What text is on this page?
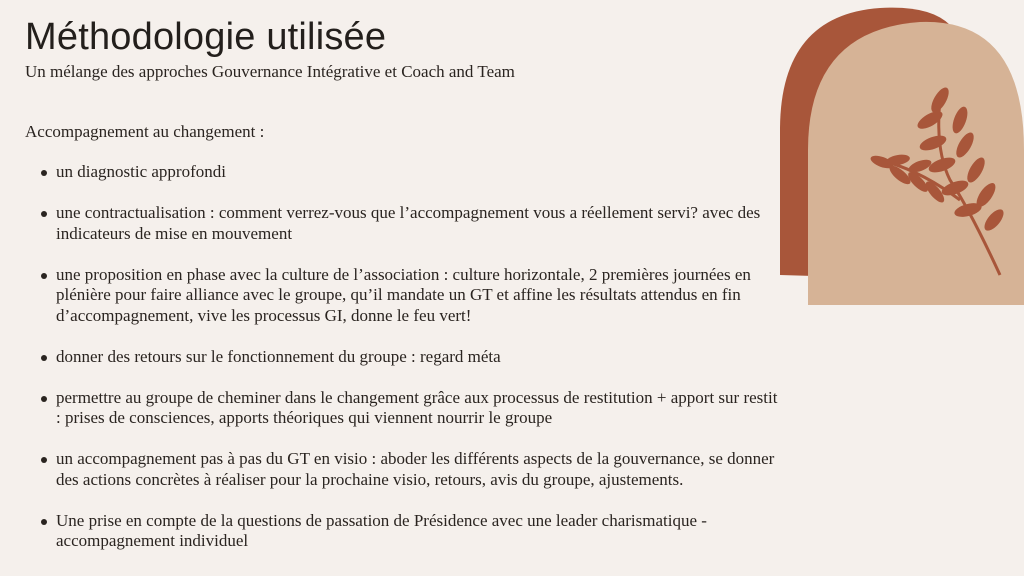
Méthodologie utilisée

Un mélange des approches Gouvernance Intégrative et Coach and Team

Accompagnement au changement :

un diagnostic approfondi
une contractualisation : comment verrez-vous que l’accompagnement vous a réellement servi? avec des indicateurs de mise en mouvement
une proposition en phase avec la culture de l’association : culture horizontale, 2 premières journées en plénière pour faire alliance avec le groupe, qu’il mandate un GT et affine les résultats attendus en fin d’accompagnement, vive les processus GI, donne le feu vert!
donner des retours sur le fonctionnement du groupe : regard méta
permettre au groupe de cheminer dans le changement grâce aux processus de restitution + apport sur restit : prises de consciences, apports théoriques qui viennent nourrir le groupe
un accompagnement pas à pas du GT en visio : aboder les différents aspects de la gouvernance, se donner des actions concrètes à réaliser pour la prochaine visio, retours, avis du groupe, ajustements.
Une prise en compte de la questions de passation de Présidence avec une leader charismatique - accompagnement individuel
